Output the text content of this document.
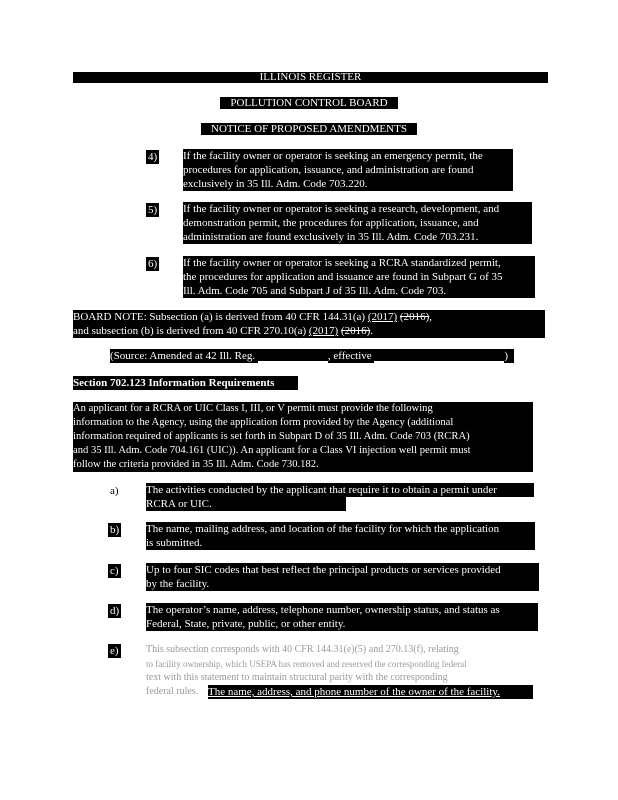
ILLINOIS REGISTER
POLLUTION CONTROL BOARD
NOTICE OF PROPOSED AMENDMENTS
4) If the facility owner or operator is seeking an emergency permit, the
procedures for application, issuance, and administration are found
exclusively in 35 Ill. Adm. Code 703.220.
5) If the facility owner or operator is seeking a research, development, and
demonstration permit, the procedures for application, issuance, and
administration are found exclusively in 35 Ill. Adm. Code 703.231.
6) If the facility owner or operator is seeking a RCRA standardized permit,
the procedures for application and issuance are found in Subpart G of 35
Ill. Adm. Code 705 and Subpart J of 35 Ill. Adm. Code 703.
BOARD NOTE: Subsection (a) is derived from 40 CFR 144.31(a) (2017) (2016),
and subsection (b) is derived from 40 CFR 270.10(a) (2017) (2016).
(Source: Amended at 42 Ill. Reg.	, effective	)
Section 702.123 Information Requirements
An applicant for a RCRA or UIC Class I, III, or V permit must provide the following
information to the Agency, using the application form provided by the Agency (additional
information required of applicants is set forth in Subpart D of 35 Ill. Adm. Code 703 (RCRA)
and 35 Ill. Adm. Code 704.161 (UIC)). An applicant for a Class VI injection well permit must
follow the criteria provided in 35 Ill. Adm. Code 730.182.
a) The activities conducted by the applicant that require it to obtain a permit under
RCRA or UIC.
b) The name, mailing address, and location of the facility for which the application
is submitted.
c) Up to four SIC codes that best reflect the principal products or services provided
by the facility.
d) The operator’s name, address, telephone number, ownership status, and status as
Federal, State, private, public, or other entity.
e)	This subsection corresponds with 40 CFR 144.31(e)(5) and 270.13(f), relating
to facility ownership, which USEPA has removed and reserved the corresponding federal
text with this statement to maintain structural parity with the corresponding
federal rules. The name, address, and phone number of the owner of the facility.
